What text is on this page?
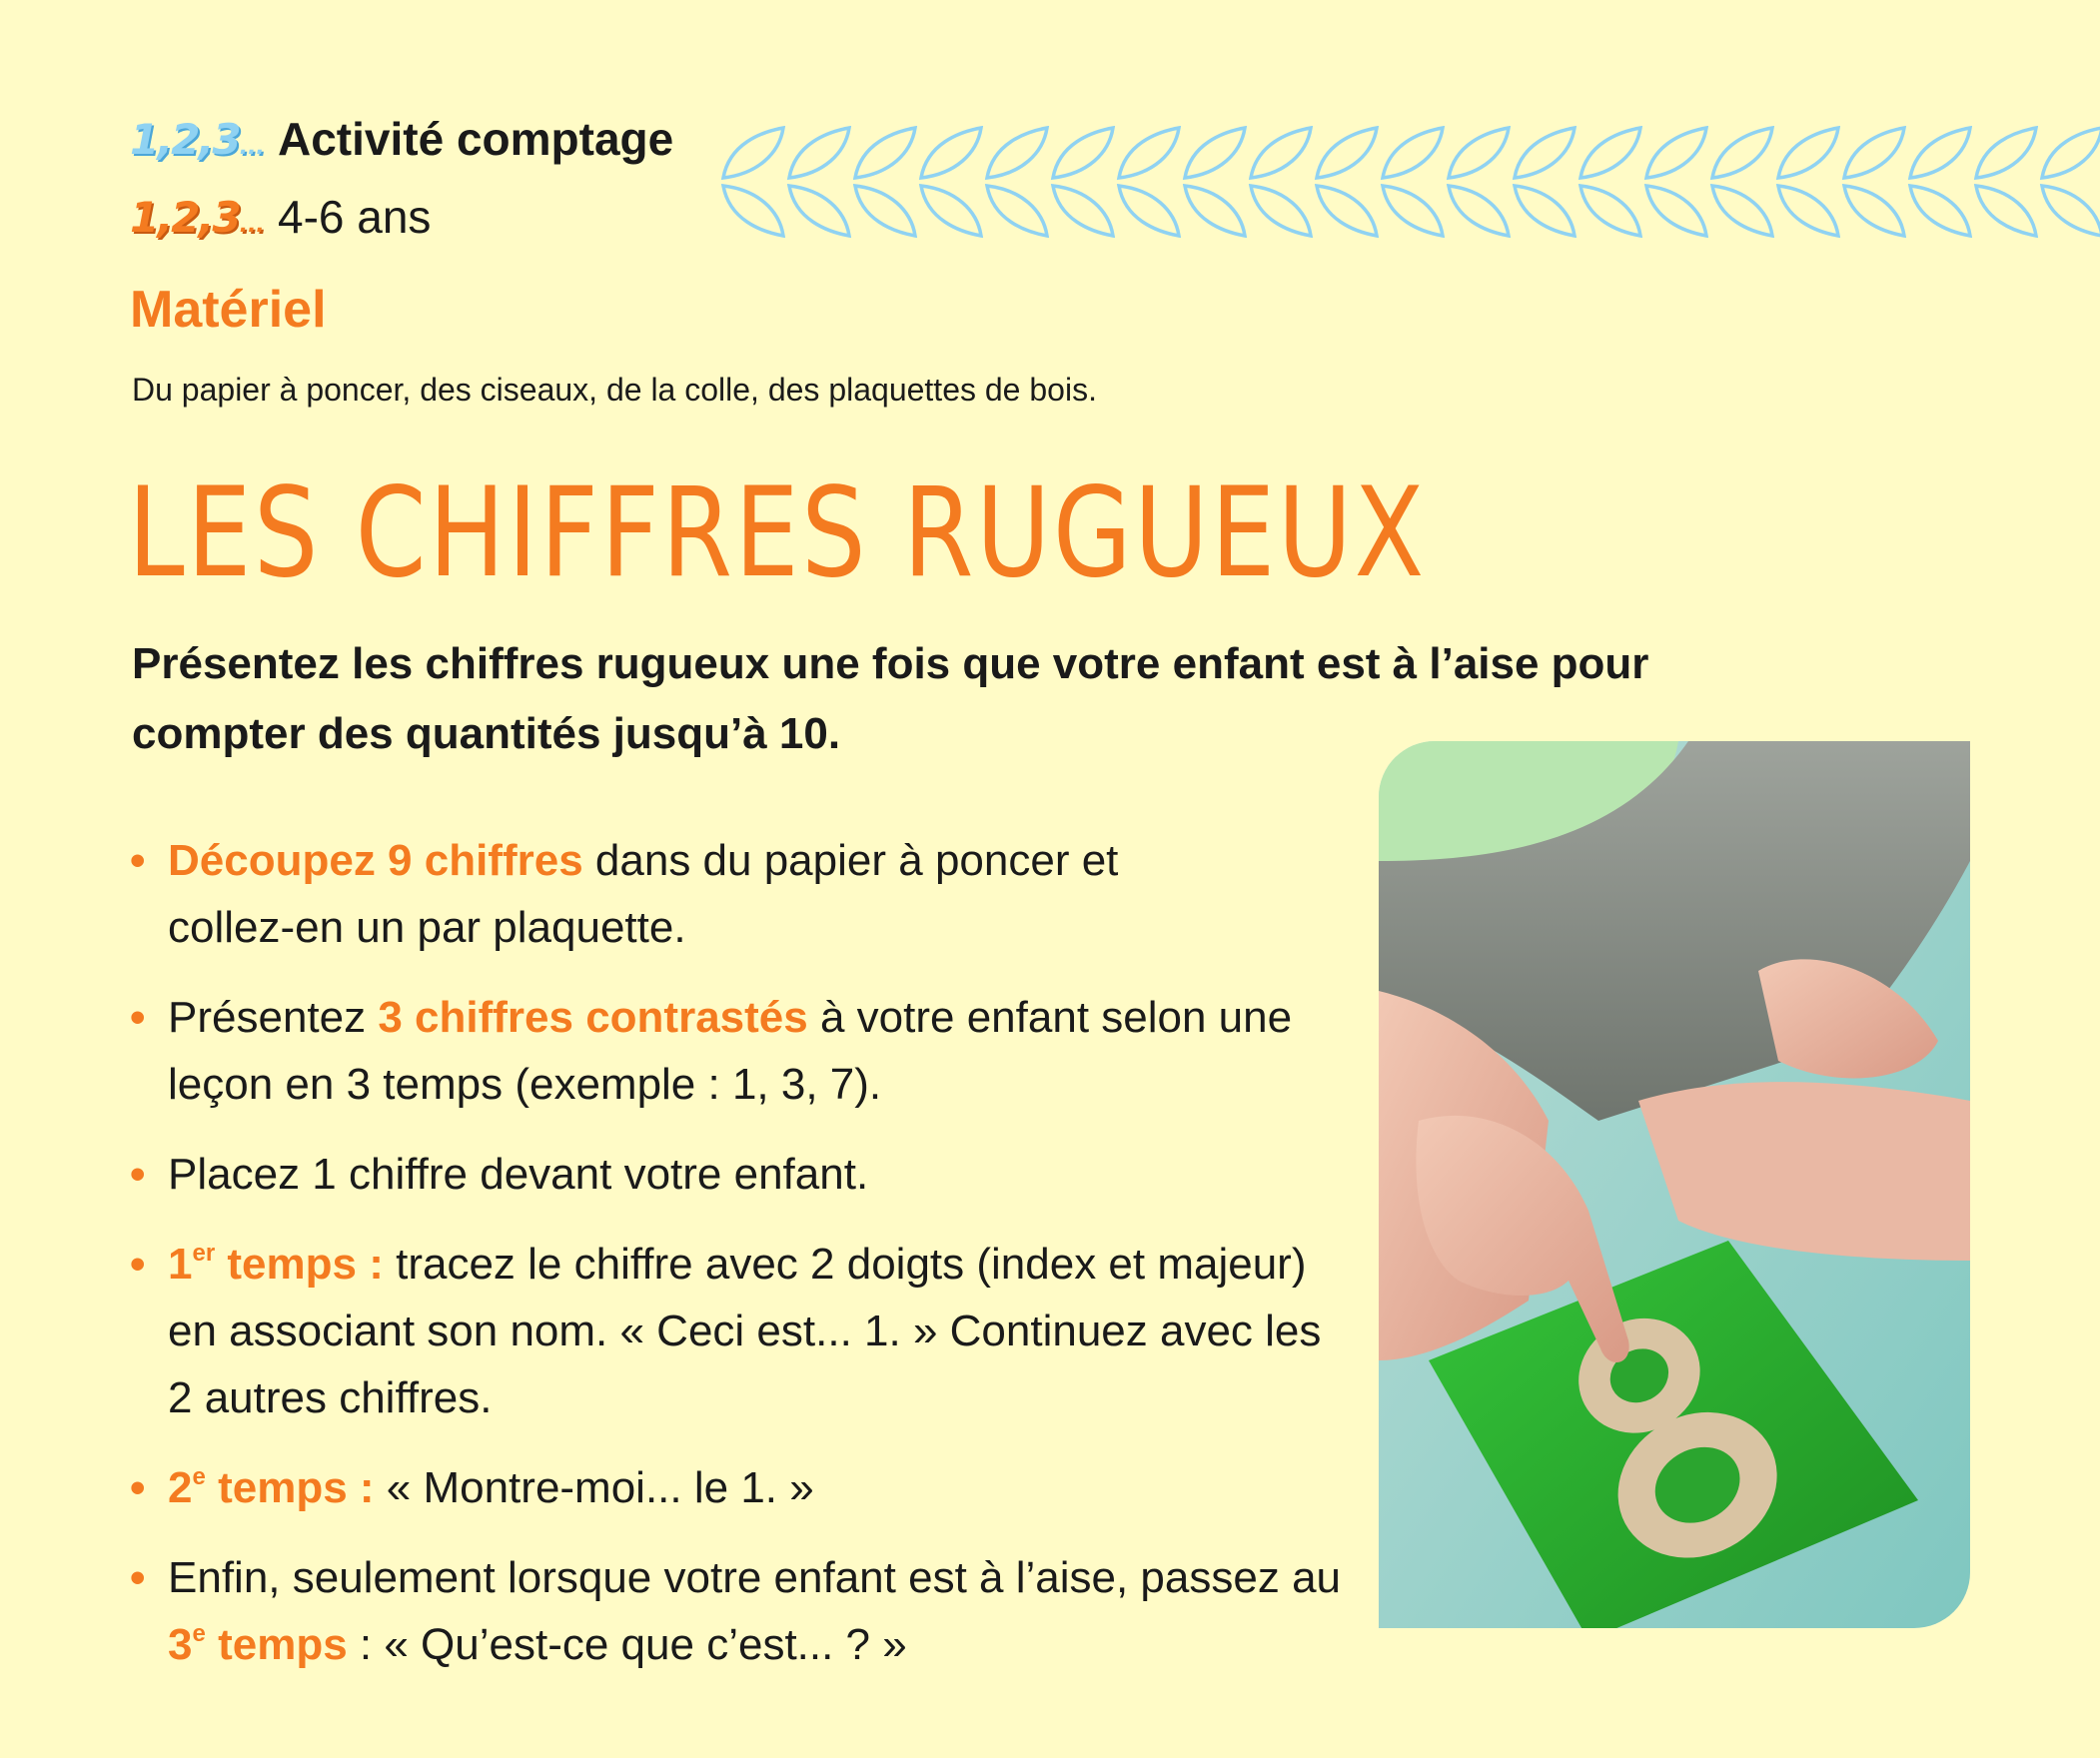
1,2,3... Activité comptage
1,2,3... 4-6 ans
Matériel
Du papier à poncer, des ciseaux, de la colle, des plaquettes de bois.
LES CHIFFRES RUGUEUX
Présentez les chiffres rugueux une fois que votre enfant est à l’aise pour compter des quantités jusqu’à 10.
• Découpez 9 chiffres dans du papier à poncer et collez-en un par plaquette.
• Présentez 3 chiffres contrastés à votre enfant selon une leçon en 3 temps (exemple : 1, 3, 7).
• Placez 1 chiffre devant votre enfant.
• 1er temps : tracez le chiffre avec 2 doigts (index et majeur) en associant son nom. « Ceci est... 1. » Continuez avec les 2 autres chiffres.
• 2e temps : « Montre-moi... le 1. »
• Enfin, seulement lorsque votre enfant est à l’aise, passez au 3e temps : « Qu’est-ce que c’est... ? »
